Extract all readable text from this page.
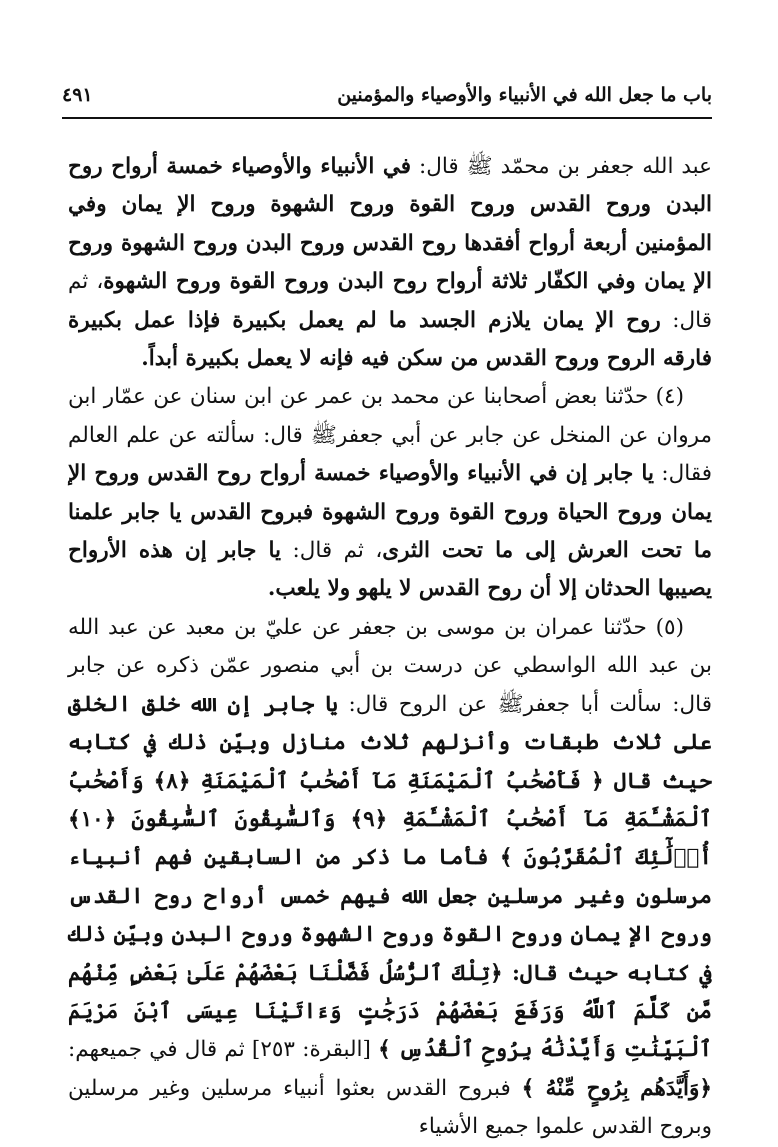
باب ما جعل الله في الأنبياء والأوصياء والمؤمنين
٤٩١

عبد الله جعفر بن محمّد ﷺ قال: في الأنبياء والأوصياء خمسة أرواح روح البدن وروح القدس وروح القوة وروح الشهوة وروح الإ يمان وفي المؤمنين أربعة أرواح أفقدها روح القدس وروح البدن وروح الشهوة وروح الإ يمان وفي الكفّار ثلاثة أرواح روح البدن وروح القوة وروح الشهوة، ثم قال: روح الإ يمان يلازم الجسد ما لم يعمل بكبيرة فإذا عمل بكبيرة فارقه الروح وروح القدس من سكن فيه فإنه لا يعمل بكبيرة أبداً.

(٤) حدّثنا بعض أصحابنا عن محمد بن عمر عن ابن سنان عن عمّار ابن مروان عن المنخل عن جابر عن أبي جعفرﷺ قال: سألته عن علم العالم فقال: يا جابر إن في الأنبياء والأوصياء خمسة أرواح روح القدس وروح الإ يمان وروح الحياة وروح القوة وروح الشهوة فبروح القدس يا جابر علمنا ما تحت العرش إلى ما تحت الثرى، ثم قال: يا جابر إن هذه الأرواح يصيبها الحدثان إلا أن روح القدس لا يلهو ولا يلعب.

(٥) حدّثنا عمران بن موسى بن جعفر عن عليّ بن معبد عن عبد الله بن عبد الله الواسطي عن درست بن أبي منصور عمّن ذكره عن جابر قال: سألت أبا جعفرﷺ عن الروح قال: يا جابر إن الله خلق الخلق على ثلاث طبقات وأنزلهم ثلاث منازل وبيّن ذلك في كتابه حيث قال ﴿ فَأَصْحَٰبُ ٱلْمَيْمَنَةِ مَآ أَصْحَٰبُ ٱلْمَيْمَنَةِ ﴿٨﴾ وَأَصْحَٰبُ ٱلْمَشْـَٔمَةِ مَآ أَصْحَٰبُ ٱلْمَشْـَٔمَةِ ﴿٩﴾ وَٱلسَّٰبِقُونَ ٱلسَّٰبِقُونَ ﴿١٠﴾ أُو۟لَٰٓئِكَ ٱلْمُقَرَّبُونَ ﴾ فأما ما ذكر من السابقين فهم أنبياء مرسلون وغير مرسلين جعل الله فيهم خمس أرواح روح القدس وروح الإ يمان وروح القوة وروح الشهوة وروح البدن وبيّن ذلك في كتابه حيث قال: ﴿تِلْكَ ٱلرُّسُلُ فَضَّلْنَا بَعْضَهُمْ عَلَىٰ بَعْضٍ مِّنْهُم مَّن كَلَّمَ ٱللَّهُ وَرَفَعَ بَعْضَهُمْ دَرَجَٰتٍ وَءَاتَيْنَا عِيسَى ٱبْنَ مَرْيَمَ ٱلْبَيِّنَٰتِ وَأَيَّدْنَٰهُ بِرُوحِ ٱلْقُدُسِ ﴾ [البقرة: ٢٥٣] ثم قال في جميعهم: ﴿وَأَيَّدَهُم بِرُوحٍ مِّنْهُ ﴾ فبروح القدس بعثوا أنبياء مرسلين وغير مرسلين وبروح القدس علموا جميع الأشياء
